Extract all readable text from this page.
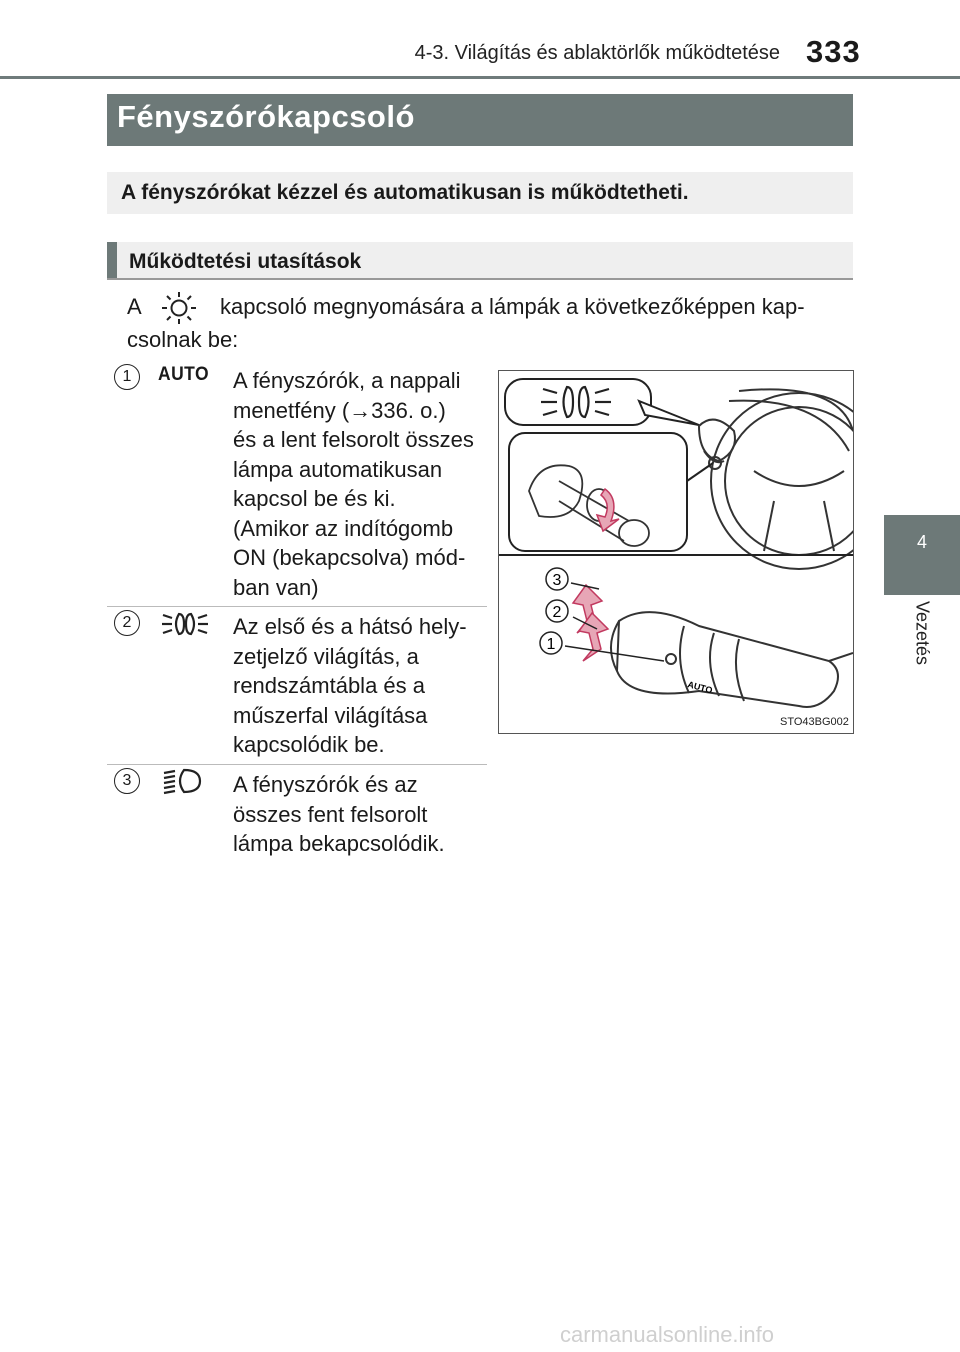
4-3. Világítás és ablaktörlők működtetése 333
4
Vezetés
Fényszórókapcsoló
A fényszórókat kézzel és automatikusan is működtetheti.
Működtetési utasítások
A	kapcsoló megnyomására a lámpák a következőképpen kap-
csolnak be:
1	AUTO A fényszórók, a nappali
menetfény (→336. o.)
és a lent felsorolt összes
lámpa automatikusan
kapcsol be és ki.
(Amikor az indítógomb
ON (bekapcsolva) mód-
ban van)
2	Az első és a hátsó hely-
zetjelző világítás, a
rendszámtábla és a
műszerfal világítása
kapcsolódik be.
3	A fényszórók és az
összes fent felsorolt
lámpa bekapcsolódik.
3
2
1
AUTO
STO43BG002
carmanualsonline.info
